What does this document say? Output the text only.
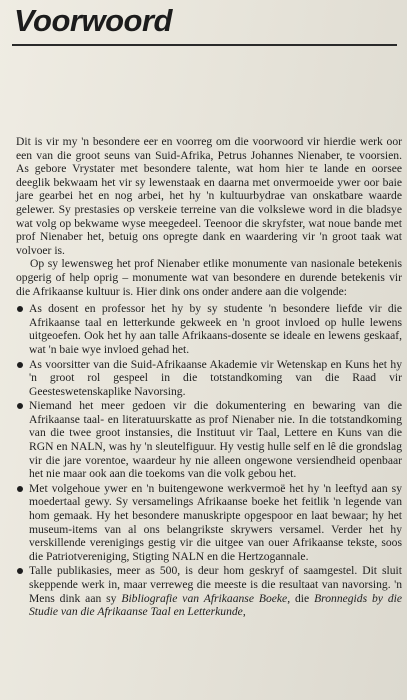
Voorwoord

Dit is vir my 'n besondere eer en voorreg om die voorwoord vir hierdie werk oor een van die groot seuns van Suid-Afrika, Petrus Johannes Nienaber, te voorsien. As gebore Vrystater met besondere talente, wat hom hier te lande en oorsee deeglik bekwaam het vir sy lewenstaak en daarna met onvermoeide ywer oor baie jare gearbei het en nog arbei, het hy 'n kultuurbydrae van onskatbare waarde gelewer. Sy prestasies op verskeie terreine van die volkslewe word in die bladsye wat volg op bekwame wyse meegedeel. Teenoor die skryfster, wat noue bande met prof Nienaber het, betuig ons opregte dank en waardering vir 'n groot taak wat volvoer is.

Op sy lewensweg het prof Nienaber etlike monumente van nasionale betekenis opgerig of help oprig – monumente wat van besondere en durende betekenis vir die Afrikaanse kultuur is. Hier dink ons onder andere aan die volgende:

As dosent en professor het hy by sy studente 'n besondere liefde vir die Afrikaanse taal en letterkunde gekweek en 'n groot invloed op hulle lewens uitgeoefen. Ook het hy aan talle Afrikaans-dosente se ideale en lewens geskaaf, wat 'n baie wye invloed gehad het.
As voorsitter van die Suid-Afrikaanse Akademie vir Wetenskap en Kuns het hy 'n groot rol gespeel in die totstandkoming van die Raad vir Geesteswetenskaplike Navorsing.
Niemand het meer gedoen vir die dokumentering en bewaring van die Afrikaanse taal- en literatuurskatte as prof Nienaber nie. In die totstandkoming van die twee groot instansies, die Instituut vir Taal, Lettere en Kuns van die RGN en NALN, was hy 'n sleutelfiguur. Hy vestig hulle self en lê die grondslag vir die jare vorentoe, waardeur hy nie alleen ongewone versiendheid openbaar het nie maar ook aan die toekoms van die volk gebou het.
Met volgehoue ywer en 'n buitengewone werkvermoë het hy 'n leeftyd aan sy moedertaal gewy. Sy versamelings Afrikaanse boeke het feitlik 'n legende van hom gemaak. Hy het besondere manuskripte opgespoor en laat bewaar; hy het museum-items van al ons belangrikste skrywers versamel. Verder het hy verskillende verenigings gestig vir die uitgee van ouer Afrikaanse tekste, soos die Patriotvereniging, Stigting NALN en die Hertzogannale.
Talle publikasies, meer as 500, is deur hom geskryf of saamgestel. Dit sluit skeppende werk in, maar verreweg die meeste is die resultaat van navorsing. 'n Mens dink aan sy Bibliografie van Afrikaanse Boeke, die Bronnegids by die Studie van die Afrikaanse Taal en Letterkunde,
